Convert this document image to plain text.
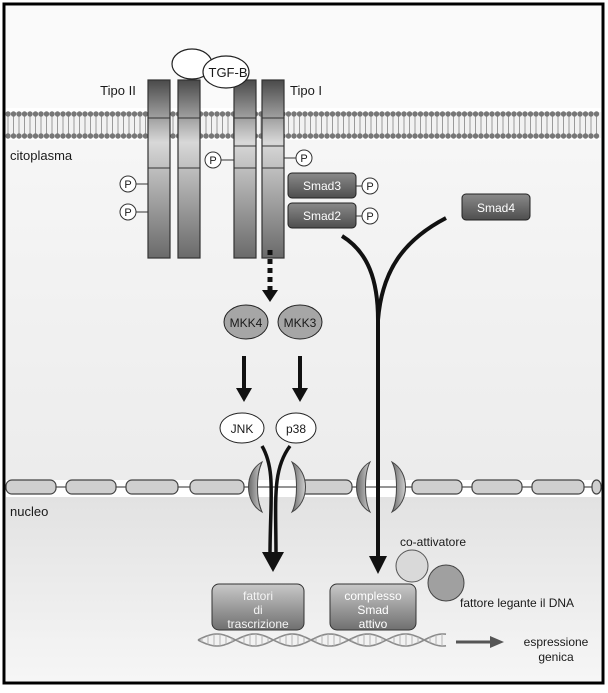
TGF-B
Tipo II	Tipo I
citoplasma
nucleo
P	P
P
P
Smad3 P
Smad2 P
Smad4
MKK4 MKK3
JNK	p38
co-attivatore
fattore legante il DNA
fattori
di
trascrizione
complesso
Smad
attivo
espressione
genica
